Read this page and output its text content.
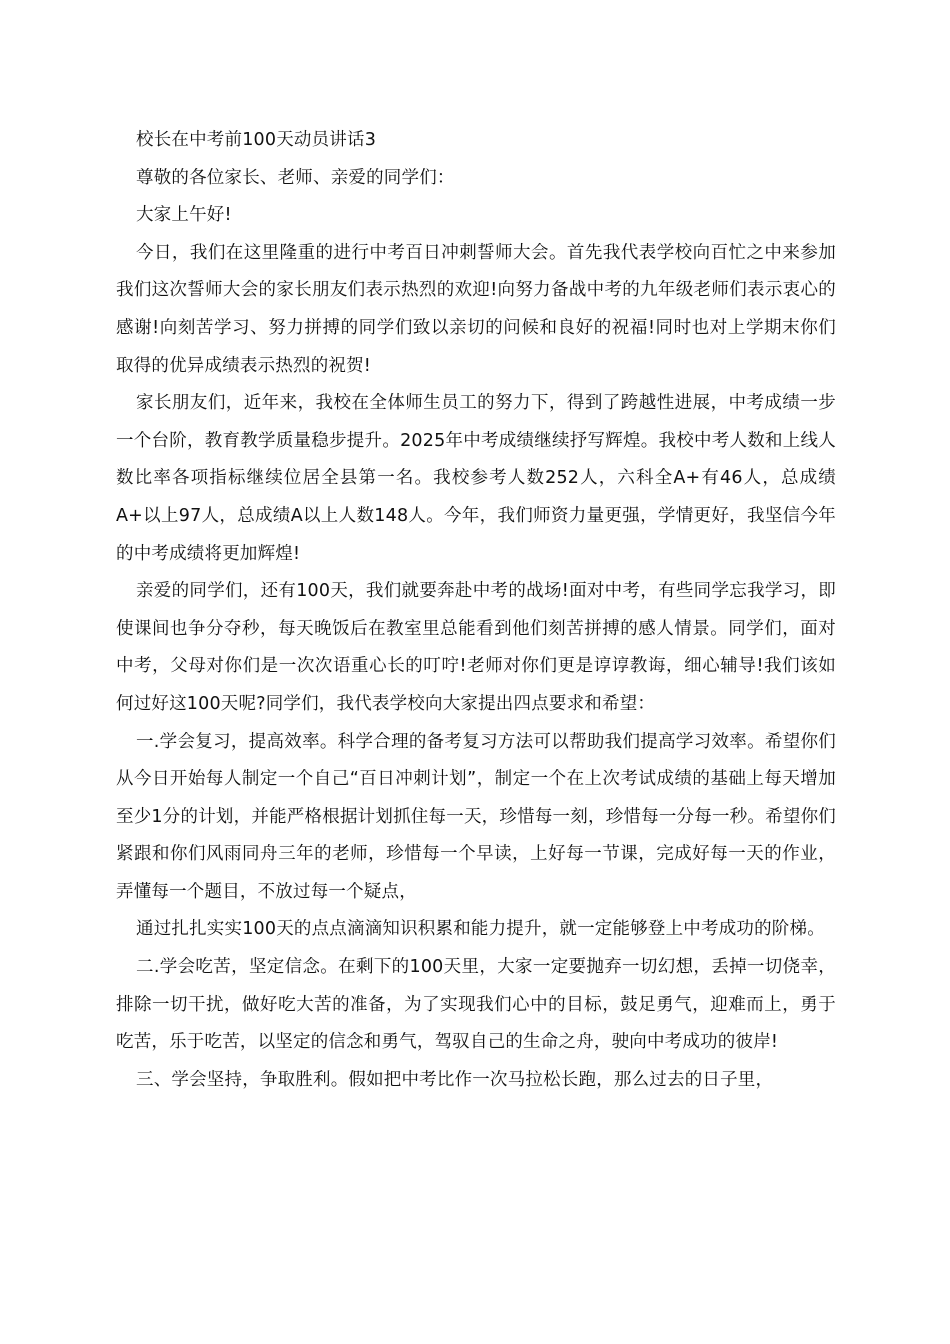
校长在中考前100天动员讲话3

尊敬的各位家长、老师、亲爱的同学们：

大家上午好!

今日，我们在这里隆重的进行中考百日冲刺誓师大会。首先我代表学校向百忙之中来参加我们这次誓师大会的家长朋友们表示热烈的欢迎!向努力备战中考的九年级老师们表示衷心的感谢!向刻苦学习、努力拼搏的同学们致以亲切的问候和良好的祝福!同时也对上学期末你们取得的优异成绩表示热烈的祝贺!

家长朋友们，近年来，我校在全体师生员工的努力下，得到了跨越性进展，中考成绩一步一个台阶，教育教学质量稳步提升。2025年中考成绩继续抒写辉煌。我校中考人数和上线人数比率各项指标继续位居全县第一名。我校参考人数252人，六科全A+有46人，总成绩A+以上97人，总成绩A以上人数148人。今年，我们师资力量更强，学情更好，我坚信今年的中考成绩将更加辉煌!

亲爱的同学们，还有100天，我们就要奔赴中考的战场!面对中考，有些同学忘我学习，即使课间也争分夺秒，每天晚饭后在教室里总能看到他们刻苦拼搏的感人情景。同学们，面对中考，父母对你们是一次次语重心长的叮咛!老师对你们更是谆谆教诲，细心辅导!我们该如何过好这100天呢?同学们，我代表学校向大家提出四点要求和希望：

一.学会复习，提高效率。科学合理的备考复习方法可以帮助我们提高学习效率。希望你们从今日开始每人制定一个自己“百日冲刺计划”，制定一个在上次考试成绩的基础上每天增加至少1分的计划，并能严格根据计划抓住每一天，珍惜每一刻，珍惜每一分每一秒。希望你们紧跟和你们风雨同舟三年的老师，珍惜每一个早读，上好每一节课，完成好每一天的作业，弄懂每一个题目，不放过每一个疑点，

通过扎扎实实100天的点点滴滴知识积累和能力提升，就一定能够登上中考成功的阶梯。

二.学会吃苦，坚定信念。在剩下的100天里，大家一定要抛弃一切幻想，丢掉一切侥幸，排除一切干扰，做好吃大苦的准备，为了实现我们心中的目标，鼓足勇气，迎难而上，勇于吃苦，乐于吃苦，以坚定的信念和勇气，驾驭自己的生命之舟，驶向中考成功的彼岸!

三、学会坚持，争取胜利。假如把中考比作一次马拉松长跑，那么过去的日子里，
